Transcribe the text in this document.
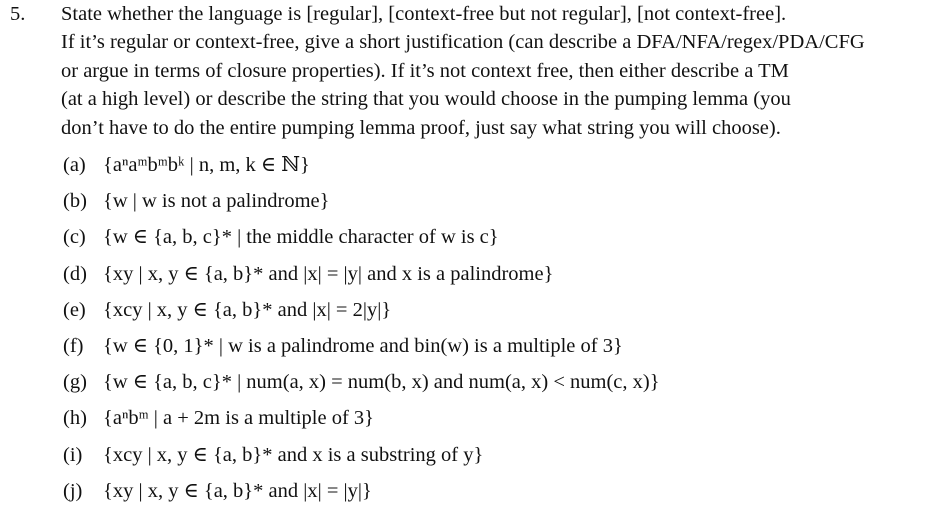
5.	State whether the language is [regular], [context-free but not regular], [not context-free].
If it’s regular or context-free, give a short justification (can describe a DFA/NFA/regex/PDA/CFG
or argue in terms of closure properties). If it’s not context free, then either describe a TM
(at a high level) or describe the string that you would choose in the pumping lemma (you
don’t have to do the entire pumping lemma proof, just say what string you will choose).
(a) {aⁿaᵐbᵐbᵏ | n, m, k ∈ ℕ}
(b) {w | w is not a palindrome}
(c) {w ∈ {a, b, c}* | the middle character of w is c}
(d) {xy | x, y ∈ {a, b}* and |x| = |y| and x is a palindrome}
(e) {xcy | x, y ∈ {a, b}* and |x| = 2|y|}
(f) {w ∈ {0, 1}* | w is a palindrome and bin(w) is a multiple of 3}
(g) {w ∈ {a, b, c}* | num(a, x) = num(b, x) and num(a, x) < num(c, x)}
(h) {aⁿbᵐ | a + 2m is a multiple of 3}
(i)	{xcy | x, y ∈ {a, b}* and x is a substring of y}
(j)	{xy | x, y ∈ {a, b}* and |x| = |y|}
